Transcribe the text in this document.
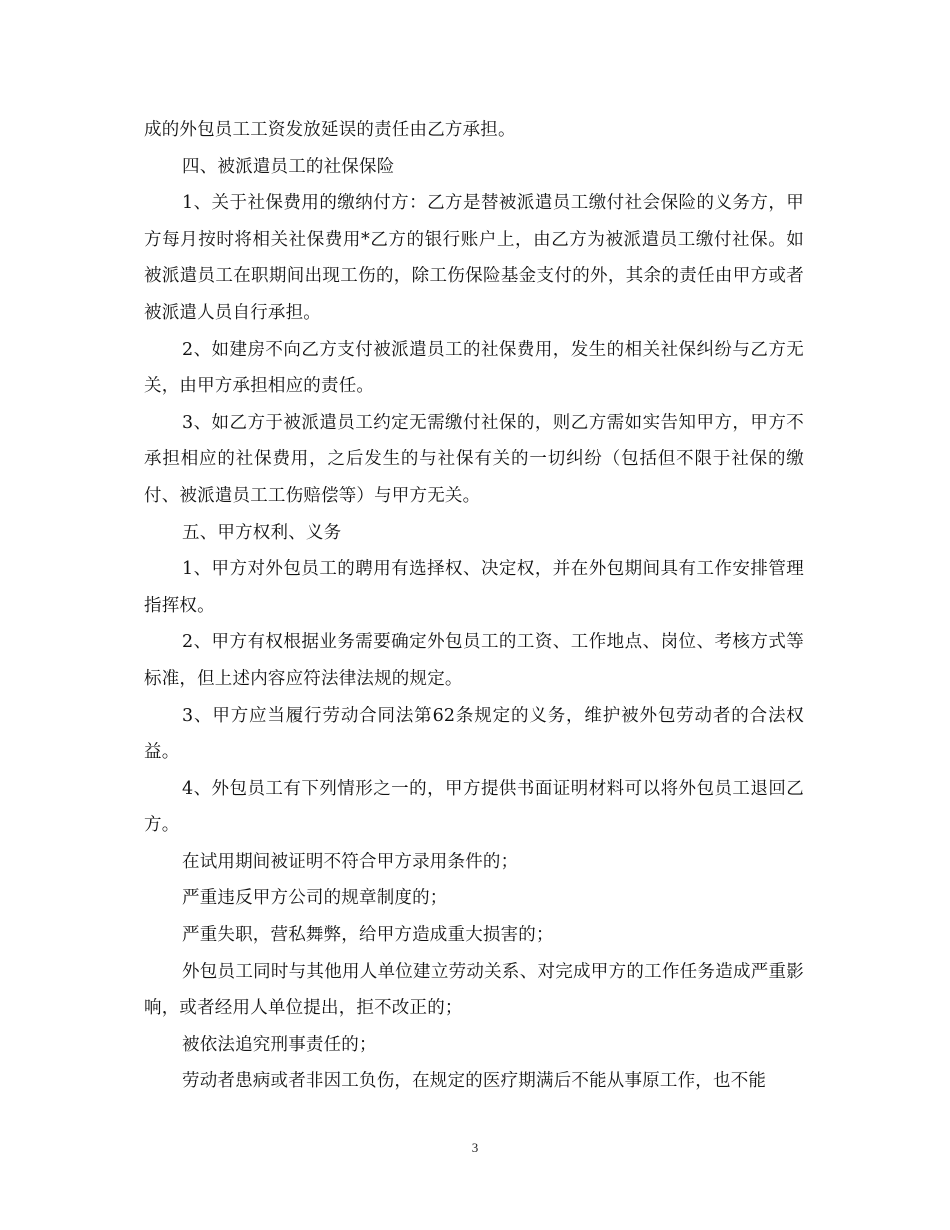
成的外包员工工资发放延误的责任由乙方承担。

四、被派遣员工的社保保险

1、关于社保费用的缴纳付方：乙方是替被派遣员工缴付社会保险的义务方，甲方每月按时将相关社保费用*乙方的银行账户上，由乙方为被派遣员工缴付社保。如被派遣员工在职期间出现工伤的，除工伤保险基金支付的外，其余的责任由甲方或者被派遣人员自行承担。

2、如建房不向乙方支付被派遣员工的社保费用，发生的相关社保纠纷与乙方无关，由甲方承担相应的责任。

3、如乙方于被派遣员工约定无需缴付社保的，则乙方需如实告知甲方，甲方不承担相应的社保费用，之后发生的与社保有关的一切纠纷（包括但不限于社保的缴付、被派遣员工工伤赔偿等）与甲方无关。

五、甲方权利、义务

1、甲方对外包员工的聘用有选择权、决定权，并在外包期间具有工作安排管理指挥权。

2、甲方有权根据业务需要确定外包员工的工资、工作地点、岗位、考核方式等标准，但上述内容应符法律法规的规定。

3、甲方应当履行劳动合同法第62条规定的义务，维护被外包劳动者的合法权益。

4、外包员工有下列情形之一的，甲方提供书面证明材料可以将外包员工退回乙方。

在试用期间被证明不符合甲方录用条件的；

严重违反甲方公司的规章制度的；

严重失职，营私舞弊，给甲方造成重大损害的；

外包员工同时与其他用人单位建立劳动关系、对完成甲方的工作任务造成严重影响，或者经用人单位提出，拒不改正的；

被依法追究刑事责任的；

劳动者患病或者非因工负伤，在规定的医疗期满后不能从事原工作，也不能

3
